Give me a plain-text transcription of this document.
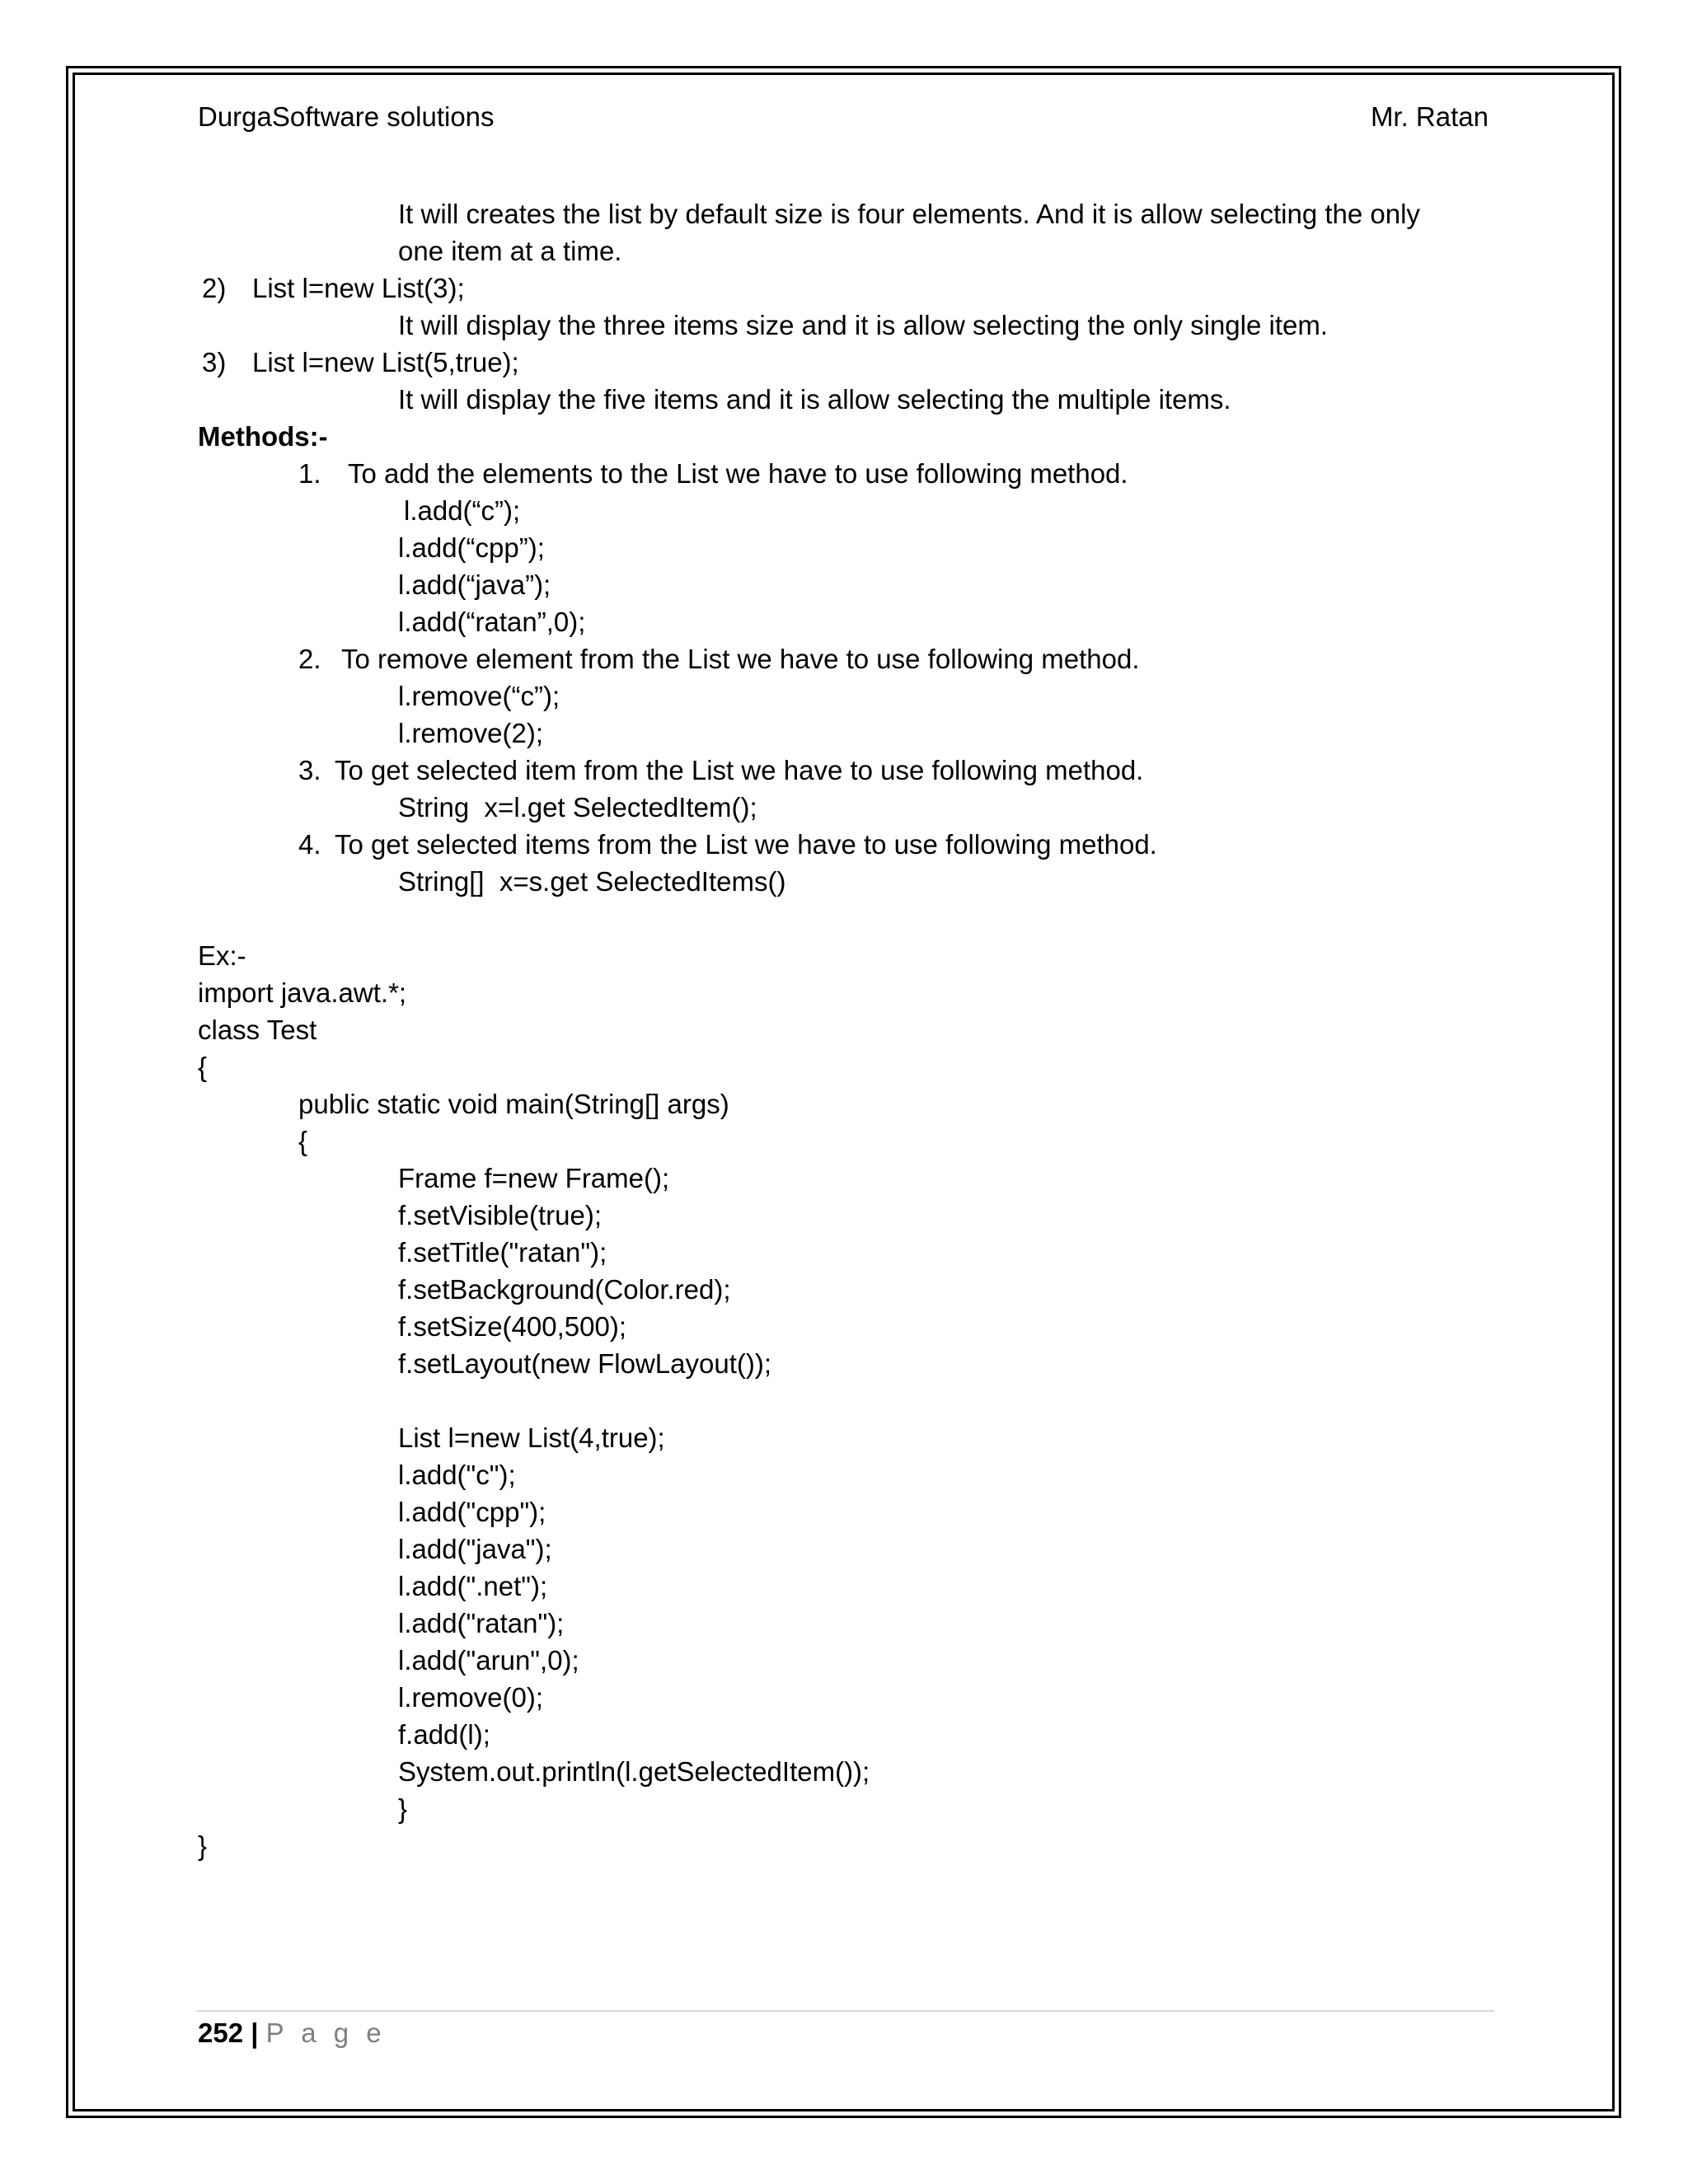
DurgaSoftware solutions	Mr. Ratan
It will creates the list by default size is four elements. And it is allow selecting the only
one item at a time.
2) List l=new List(3);
It will display the three items size and it is allow selecting the only single item.
3) List l=new List(5,true);
It will display the five items and it is allow selecting the multiple items.
Methods:-
1. To add the elements to the List we have to use following method.
l.add(“c”);
l.add(“cpp”);
l.add(“java”);
l.add(“ratan”,0);
2. To remove element from the List we have to use following method.
l.remove(“c”);
l.remove(2);
3. To get selected item from the List we have to use following method.
String  x=l.get SelectedItem();
4. To get selected items from the List we have to use following method.
String[]  x=s.get SelectedItems()
Ex:-
import java.awt.*;
class Test
{
public static void main(String[] args)
{
Frame f=new Frame();
f.setVisible(true);
f.setTitle("ratan");
f.setBackground(Color.red);
f.setSize(400,500);
f.setLayout(new FlowLayout());
List l=new List(4,true);
l.add("c");
l.add("cpp");
l.add("java");
l.add(".net");
l.add("ratan");
l.add("arun",0);
l.remove(0);
f.add(l);
System.out.println(l.getSelectedItem());
}
}
252 | P a g e
